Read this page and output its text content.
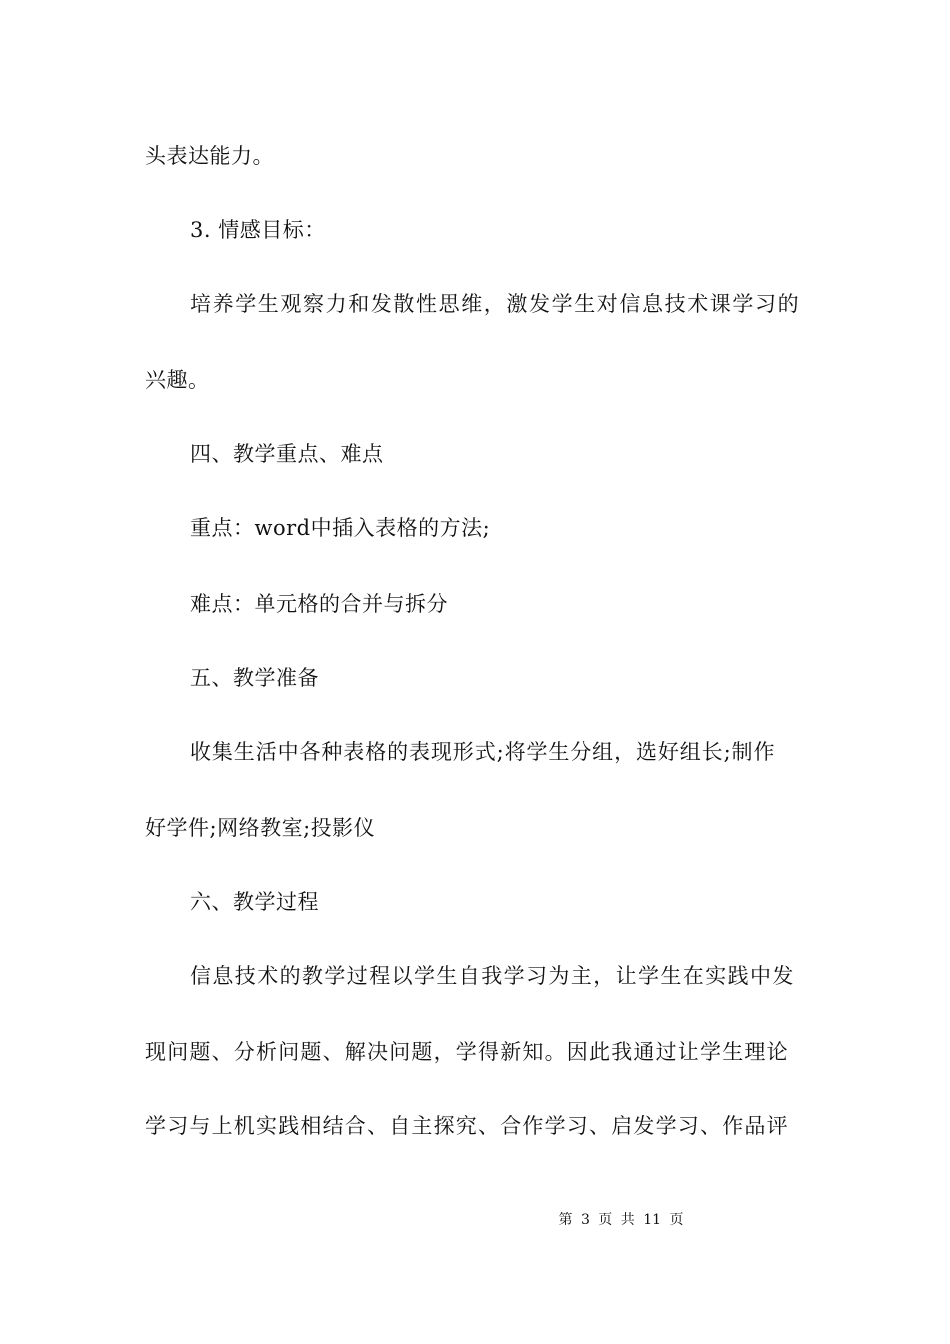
头表达能力。
3. 情感目标：
培养学生观察力和发散性思维，激发学生对信息技术课学习的
兴趣。
四、教学重点、难点
重点：word中插入表格的方法;
难点：单元格的合并与拆分
五、教学准备
收集生活中各种表格的表现形式;将学生分组，选好组长;制作
好学件;网络教室;投影仪
六、教学过程
信息技术的教学过程以学生自我学习为主，让学生在实践中发
现问题、分析问题、解决问题，学得新知。因此我通过让学生理论
学习与上机实践相结合、自主探究、合作学习、启发学习、作品评
第 3 页 共 11 页
